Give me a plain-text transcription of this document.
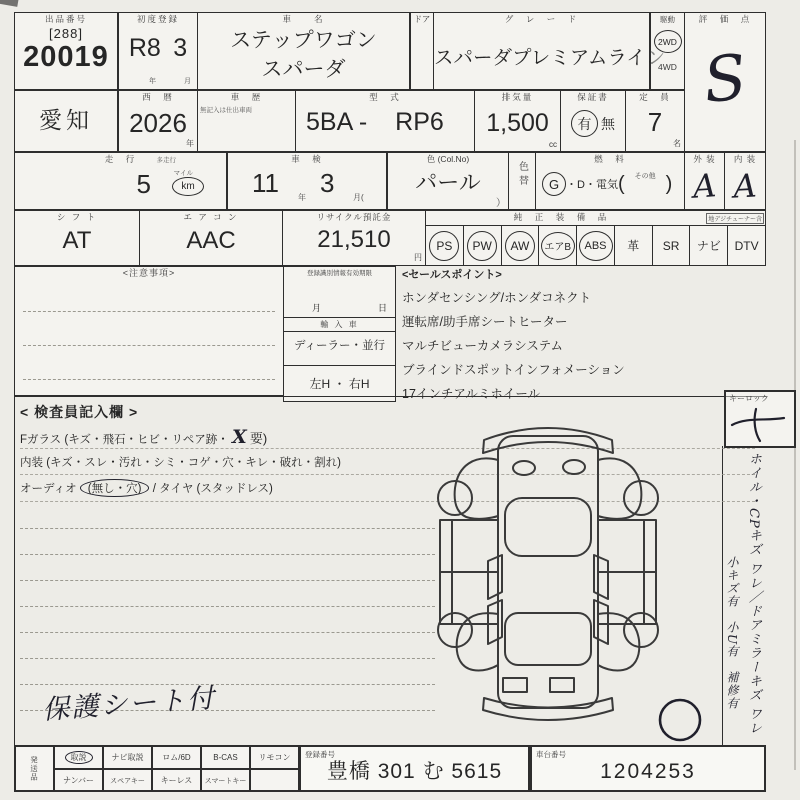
出品番号
[288]
20019
初度登録
R8 3
年	月
車　　名
ステップワゴン
スパーダ
ドア	グ　レ　ー　ド
スパーダプレミアムライン
駆動
2WD
4WD
評　価　点
S
愛知
西　暦
2026
年
車　歴
無記入は仕出車両
型　式
5BA - RP6
排気量
1,500
cc
保証書
有 無
定　員
7
名
走　行	多走行
5	マイル
km
車　検
11 年 3 月(
色 (Col.No)
パール
）
色替
燃　料
G ・D・電気 ( その他 )
外 装
A
内 装
A
シ フ ト
AT
エ ア コ ン
AAC
リサイクル預託金
21,510
円
純　正　装　備　品	地デジチューナー含
PS PW AW エアB ABS 革 SR ナビ DTV
<注意事項>	登録識別情報有効期限
月	日
輸 入 車
ディーラー・並行
左H ・ 右H
<セールスポイント>
ホンダセンシング/ホンダコネクト
運転席/助手席シートヒーター
マルチビューカメラシステム
ブラインドスポットインフォメーション
17インチアルミホイール
< 検査員記入欄 >
Fガラス (キズ・飛石・ヒビ・リペア跡・ X 要)
内装 (キズ・スレ・汚れ・シミ・コゲ・穴・キレ・破れ・割れ)
オーディオ (無し・穴) / タイヤ (スタッドレス)
保護シート付
キーロック
ホイル・CPキズ ワレ／ドアミラーキズ ワレ
小キズ有　小U有　補修有
発送品	取説	ナビ取説	ロム/6D	B-CAS	リモコン
ナンバー	スペアキー	キーレス	スマートキー
登録番号
豊橋 301 む 5615
車台番号
1204253
